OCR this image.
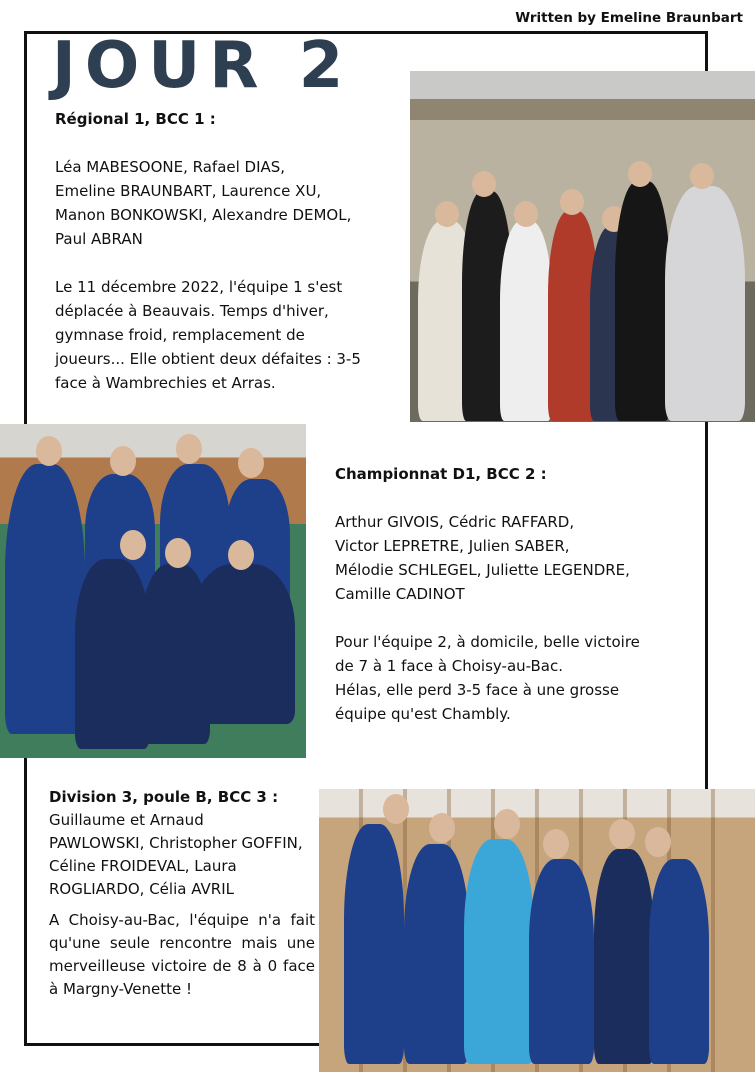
Written by Emeline Braunbart
JOUR 2

Régional 1, BCC 1 :

Léa MABESOONE, Rafael DIAS,

Emeline BRAUNBART, Laurence XU,

Manon BONKOWSKI, Alexandre DEMOL,

Paul ABRAN

Le 11 décembre 2022, l'équipe 1 s'est

déplacée à Beauvais. Temps d'hiver,

gymnase froid, remplacement de

joueurs... Elle obtient deux défaites : 3-5

face à Wambrechies et Arras.

Championnat D1, BCC 2 :

Arthur GIVOIS, Cédric RAFFARD,

Victor LEPRETRE, Julien SABER,

Mélodie SCHLEGEL, Juliette LEGENDRE,

Camille CADINOT

Pour l'équipe 2, à domicile, belle victoire

de 7 à 1 face à Choisy-au-Bac.

Hélas, elle perd 3-5 face à une grosse

équipe qu'est Chambly.

Division 3, poule B, BCC 3 :

Guillaume et Arnaud

PAWLOWSKI, Christopher GOFFIN,

Céline FROIDEVAL, Laura

ROGLIARDO, Célia AVRIL

A Choisy-au-Bac, l'équipe n'a fait qu'une seule rencontre mais une merveilleuse victoire de 8 à 0 face à Margny-Venette !
